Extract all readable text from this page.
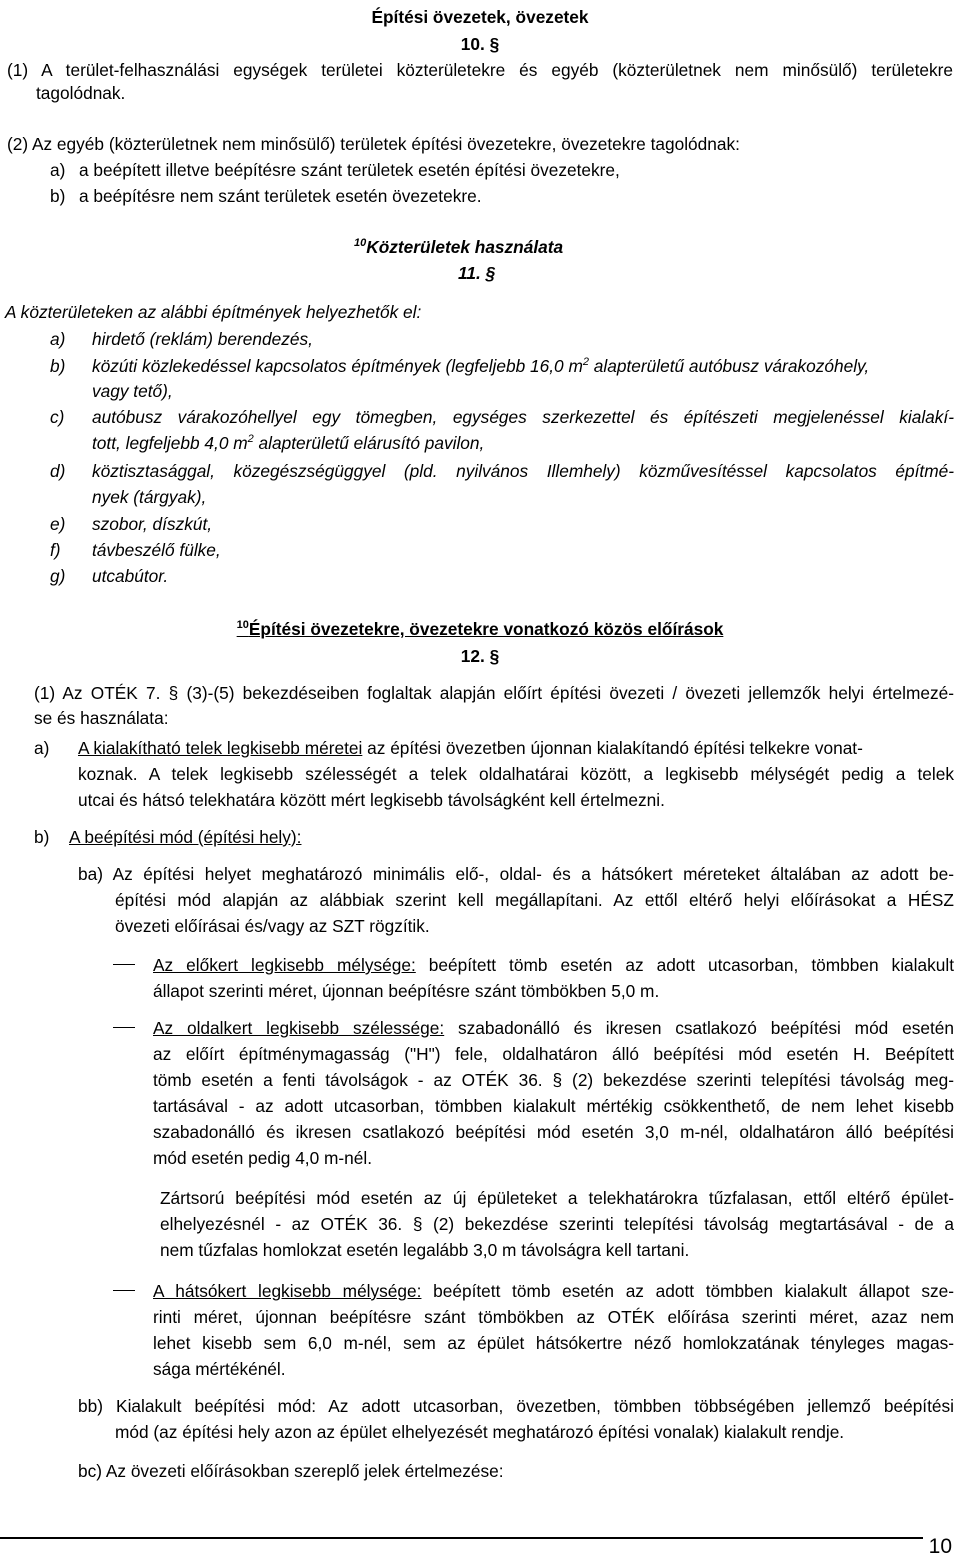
Építési övezetek, övezetek
10. §
(1) A terület-felhasználási egységek területei közterületekre és egyéb (közterületnek nem minősülő) területekre
tagolódnak.
(2) Az egyéb (közterületnek nem minősülő) területek építési övezetekre, övezetekre tagolódnak:
a) a beépített illetve beépítésre szánt területek esetén építési övezetekre,
b) a beépítésre nem szánt területek esetén övezetekre.
$^{10}$Közterületek használata
11. §
A közterületeken az alábbi építmények helyezhetők el:
a) hirdető (reklám) berendezés,
b) közúti közlekedéssel kapcsolatos építmények (legfeljebb 16,0 $m^2$ alapterületű autóbusz várakozóhely,
vagy tető),
c) autóbusz várakozóhellyel egy tömegben, egységes szerkezettel és építészeti megjelenéssel kialakí-
tott, legfeljebb 4,0 $m^2$ alapterületű elárusító pavilon,
d) köztisztasággal, közegészségüggyel (pld. nyilvános Illemhely) közművesítéssel kapcsolatos építmé-
nyek (tárgyak),
e) szobor, díszkút,
f) távbeszélő fülke,
g) utcabútor.
$^{10}$Építési övezetekre, övezetekre vonatkozó közös előírások
12. §
(1) Az OTÉK 7. § (3)-(5) bekezdéseiben foglaltak alapján előírt építési övezeti / övezeti jellemzők helyi értelmezé-
se és használata:
a) A kialakítható telek legkisebb méretei az építési övezetben újonnan kialakítandó építési telkekre vonat-
koznak. A telek legkisebb szélességét a telek oldalhatárai között, a legkisebb mélységét pedig a telek
utcai és hátsó telekhatára között mért legkisebb távolságként kell értelmezni.
b) A beépítési mód (építési hely):
ba) Az építési helyet meghatározó minimális elő-, oldal- és a hátsókert méreteket általában az adott be-
építési mód alapján az alábbiak szerint kell megállapítani. Az ettől eltérő helyi előírásokat a HÉSZ
övezeti előírásai és/vagy az SZT rögzítik.
Az előkert legkisebb mélysége: beépített tömb esetén az adott utcasorban, tömbben kialakult
állapot szerinti méret, újonnan beépítésre szánt tömbökben 5,0 m.
Az oldalkert legkisebb szélessége: szabadonálló és ikresen csatlakozó beépítési mód esetén
az előírt építménymagasság ("H") fele, oldalhatáron álló beépítési mód esetén H. Beépített
tömb esetén a fenti távolságok - az OTÉK 36. § (2) bekezdése szerinti telepítési távolság meg-
tartásával - az adott utcasorban, tömbben kialakult mértékig csökkenthető, de nem lehet kisebb
szabadonálló és ikresen csatlakozó beépítési mód esetén 3,0 m-nél, oldalhatáron álló beépítési
mód esetén pedig 4,0 m-nél.
Zártsorú beépítési mód esetén az új épületeket a telekhatárokra tűzfalasan, ettől eltérő épület-
elhelyezésnél - az OTÉK 36. § (2) bekezdése szerinti telepítési távolság megtartásával - de a
nem tűzfalas homlokzat esetén legalább 3,0 m távolságra kell tartani.
A hátsókert legkisebb mélysége: beépített tömb esetén az adott tömbben kialakult állapot sze-
rinti méret, újonnan beépítésre szánt tömbökben az OTÉK előírása szerinti méret, azaz nem
lehet kisebb sem 6,0 m-nél, sem az épület hátsókertre néző homlokzatának tényleges magas-
sága mértékénél.
bb) Kialakult beépítési mód: Az adott utcasorban, övezetben, tömbben többségében jellemző beépítési
mód (az építési hely azon az épület elhelyezését meghatározó építési vonalak) kialakult rendje.
bc) Az övezeti előírásokban szereplő jelek értelmezése:
10
